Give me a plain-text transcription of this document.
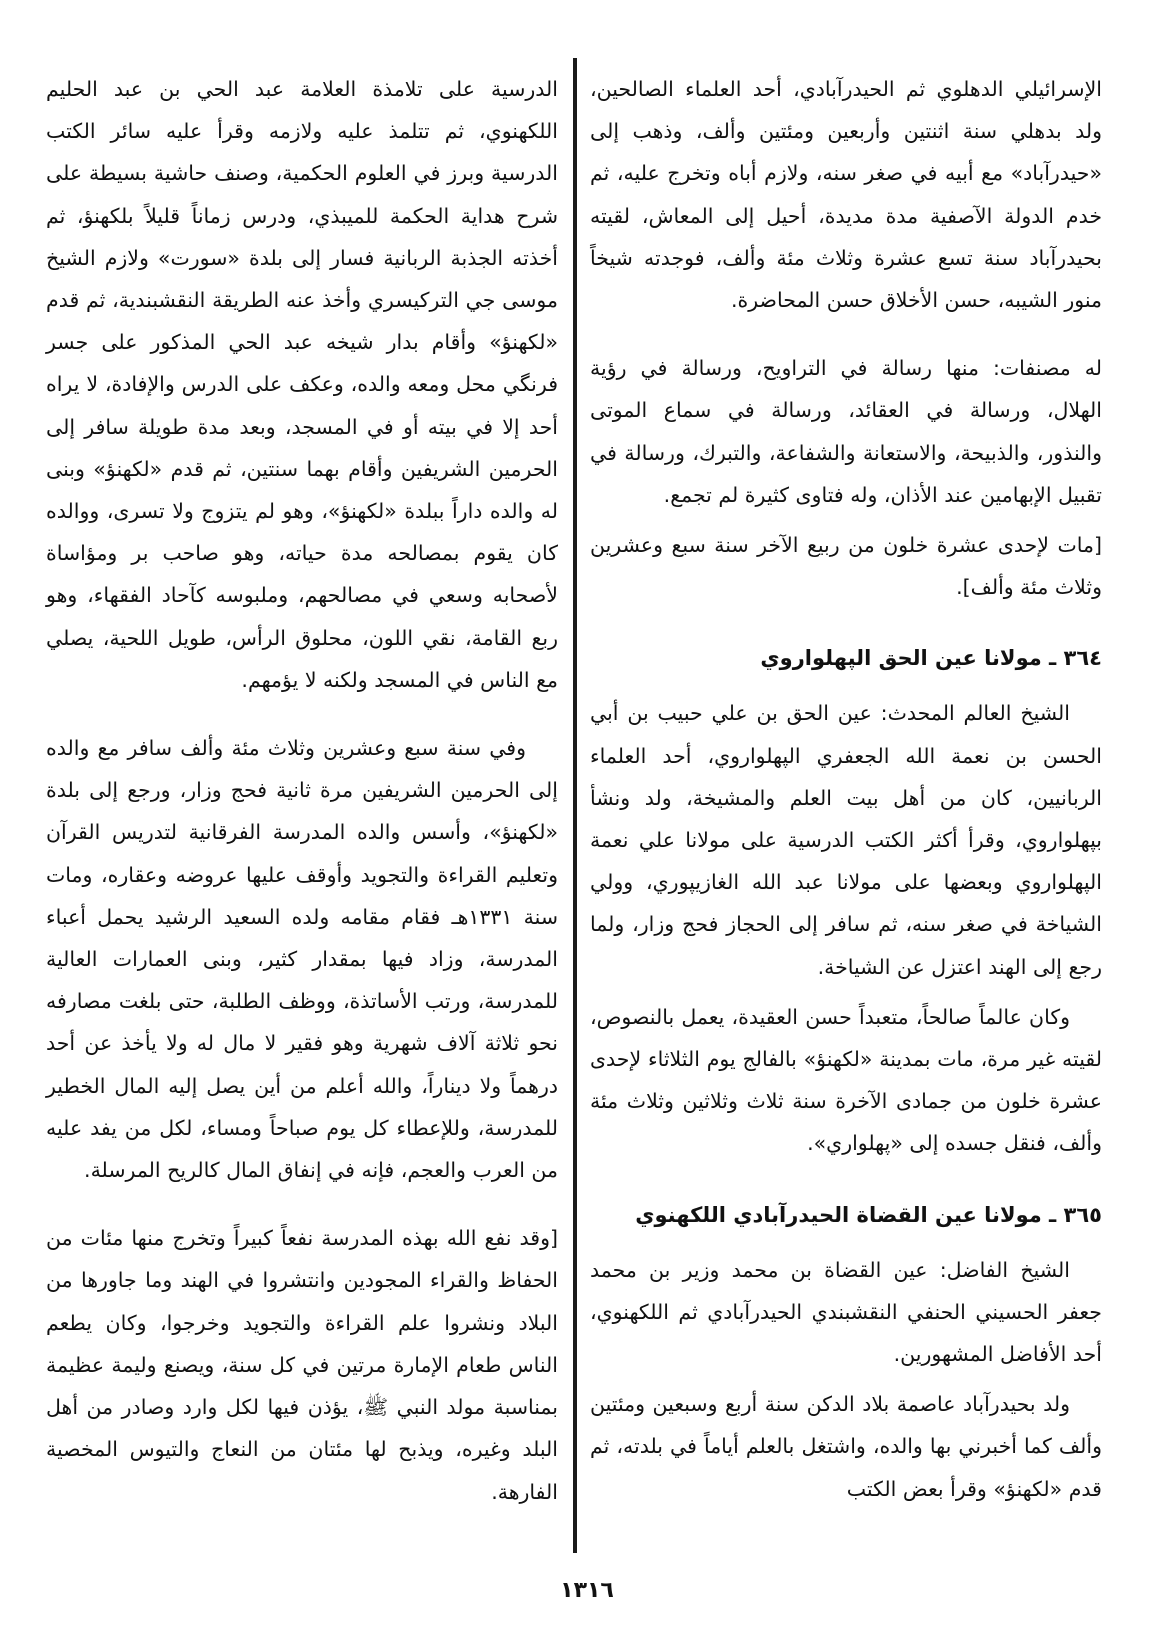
الإسرائيلي الدهلوي ثم الحيدرآبادي، أحد العلماء الصالحين، ولد بدهلي سنة اثنتين وأربعين ومئتين وألف، وذهب إلى «حيدرآباد» مع أبيه في صغر سنه، ولازم أباه وتخرج عليه، ثم خدم الدولة الآصفية مدة مديدة، أحيل إلى المعاش، لقيته بحيدرآباد سنة تسع عشرة وثلاث مئة وألف، فوجدته شيخاً منور الشيبه، حسن الأخلاق حسن المحاضرة.

له مصنفات: منها رسالة في التراويح، ورسالة في رؤية الهلال، ورسالة في العقائد، ورسالة في سماع الموتى والنذور، والذبيحة، والاستعانة والشفاعة، والتبرك، ورسالة في تقبيل الإبهامين عند الأذان، وله فتاوى كثيرة لم تجمع.

[مات لإحدى عشرة خلون من ربيع الآخر سنة سبع وعشرين وثلاث مئة وألف].

٣٦٤ ـ مولانا عين الحق الپهلواروي

الشيخ العالم المحدث: عين الحق بن علي حبيب بن أبي الحسن بن نعمة الله الجعفري الپهلواروي، أحد العلماء الربانيين، كان من أهل بيت العلم والمشيخة، ولد ونشأ بپهلواروي، وقرأ أكثر الكتب الدرسية على مولانا علي نعمة الپهلواروي وبعضها على مولانا عبد الله الغازيپوري، وولي الشياخة في صغر سنه، ثم سافر إلى الحجاز فحج وزار، ولما رجع إلى الهند اعتزل عن الشياخة.

وكان عالماً صالحاً، متعبداً حسن العقيدة، يعمل بالنصوص، لقيته غير مرة، مات بمدينة «لكهنؤ» بالفالج يوم الثلاثاء لإحدى عشرة خلون من جمادى الآخرة سنة ثلاث وثلاثين وثلاث مئة وألف، فنقل جسده إلى «پهلواري».

٣٦٥ ـ مولانا عين القضاة الحيدرآبادي اللكهنوي

الشيخ الفاضل: عين القضاة بن محمد وزير بن محمد جعفر الحسيني الحنفي النقشبندي الحيدرآبادي ثم اللكهنوي، أحد الأفاضل المشهورين.

ولد بحيدرآباد عاصمة بلاد الدكن سنة أربع وسبعين ومئتين وألف كما أخبرني بها والده، واشتغل بالعلم أياماً في بلدته، ثم قدم «لكهنؤ» وقرأ بعض الكتب

الدرسية على تلامذة العلامة عبد الحي بن عبد الحليم اللكهنوي، ثم تتلمذ عليه ولازمه وقرأ عليه سائر الكتب الدرسية وبرز في العلوم الحكمية، وصنف حاشية بسيطة على شرح هداية الحكمة للميبذي، ودرس زماناً قليلاً بلكهنؤ، ثم أخذته الجذبة الربانية فسار إلى بلدة «سورت» ولازم الشيخ موسى جي التركيسري وأخذ عنه الطريقة النقشبندية، ثم قدم «لكهنؤ» وأقام بدار شيخه عبد الحي المذكور على جسر فرنگي محل ومعه والده، وعكف على الدرس والإفادة، لا يراه أحد إلا في بيته أو في المسجد، وبعد مدة طويلة سافر إلى الحرمين الشريفين وأقام بهما سنتين، ثم قدم «لكهنؤ» وبنى له والده داراً ببلدة «لكهنؤ»، وهو لم يتزوج ولا تسرى، ووالده كان يقوم بمصالحه مدة حياته، وهو صاحب بر ومؤاساة لأصحابه وسعي في مصالحهم، وملبوسه كآحاد الفقهاء، وهو ربع القامة، نقي اللون، محلوق الرأس، طويل اللحية، يصلي مع الناس في المسجد ولكنه لا يؤمهم.

وفي سنة سبع وعشرين وثلاث مئة وألف سافر مع والده إلى الحرمين الشريفين مرة ثانية فحج وزار، ورجع إلى بلدة «لكهنؤ»، وأسس والده المدرسة الفرقانية لتدريس القرآن وتعليم القراءة والتجويد وأوقف عليها عروضه وعقاره، ومات سنة ١٣٣١هـ فقام مقامه ولده السعيد الرشيد يحمل أعباء المدرسة، وزاد فيها بمقدار كثير، وبنى العمارات العالية للمدرسة، ورتب الأساتذة، ووظف الطلبة، حتى بلغت مصارفه نحو ثلاثة آلاف شهرية وهو فقير لا مال له ولا يأخذ عن أحد درهماً ولا ديناراً، والله أعلم من أين يصل إليه المال الخطير للمدرسة، وللإعطاء كل يوم صباحاً ومساء، لكل من يفد عليه من العرب والعجم، فإنه في إنفاق المال كالريح المرسلة.

[وقد نفع الله بهذه المدرسة نفعاً كبيراً وتخرج منها مئات من الحفاظ والقراء المجودين وانتشروا في الهند وما جاورها من البلاد ونشروا علم القراءة والتجويد وخرجوا، وكان يطعم الناس طعام الإمارة مرتين في كل سنة، ويصنع وليمة عظيمة بمناسبة مولد النبي ﷺ، يؤذن فيها لكل وارد وصادر من أهل البلد وغيره، ويذبح لها مئتان من النعاج والتيوس المخصية الفارهة.

١٣١٦
